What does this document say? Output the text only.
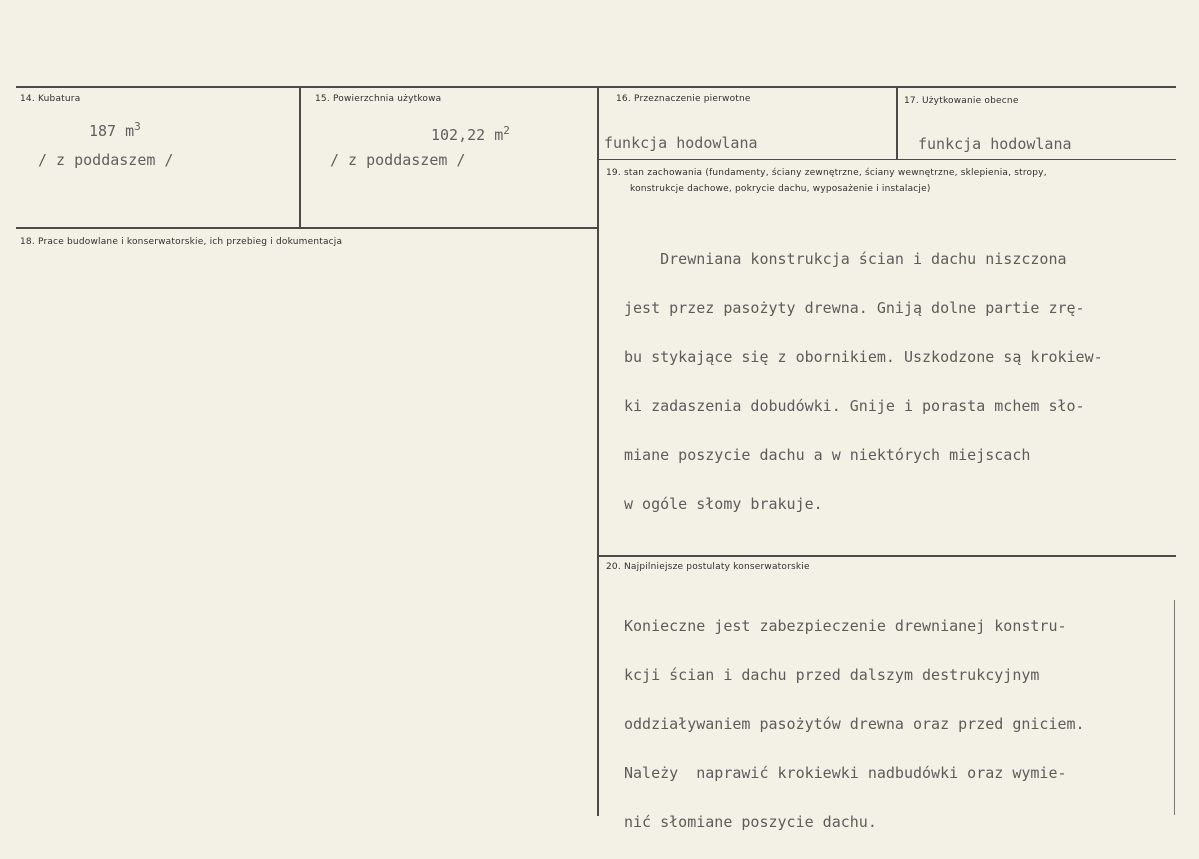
14. Kubatura
187 $m^3$
/ z poddaszem /
15. Powierzchnia użytkowa
102,22 $m^2$
/ z poddaszem /
16. Przeznaczenie pierwotne
funkcja hodowlana
17. Użytkowanie obecne
funkcja hodowlana
18. Prace budowlane i konserwatorskie, ich przebieg i dokumentacja
19. stan zachowania (fundamenty, ściany zewnętrzne, ściany wewnętrzne, sklepienia, stropy,
konstrukcje dachowe, pokrycie dachu, wyposażenie i instalacje)

Drewniana konstrukcja ścian i dachu niszczona

jest przez pasożyty drewna. Gniją dolne partie zrę-

bu stykające się z obornikiem. Uszkodzone są krokiew-

ki zadaszenia dobudówki. Gnije i porasta mchem sło-

miane poszycie dachu a w niektórych miejscach

w ogóle słomy brakuje.

20. Najpilniejsze postulaty konserwatorskie

Konieczne jest zabezpieczenie drewnianej konstru-

kcji ścian i dachu przed dalszym destrukcyjnym

oddziaływaniem pasożytów drewna oraz przed gniciem.

Należy  naprawić krokiewki nadbudówki oraz wymie-

nić słomiane poszycie dachu.
